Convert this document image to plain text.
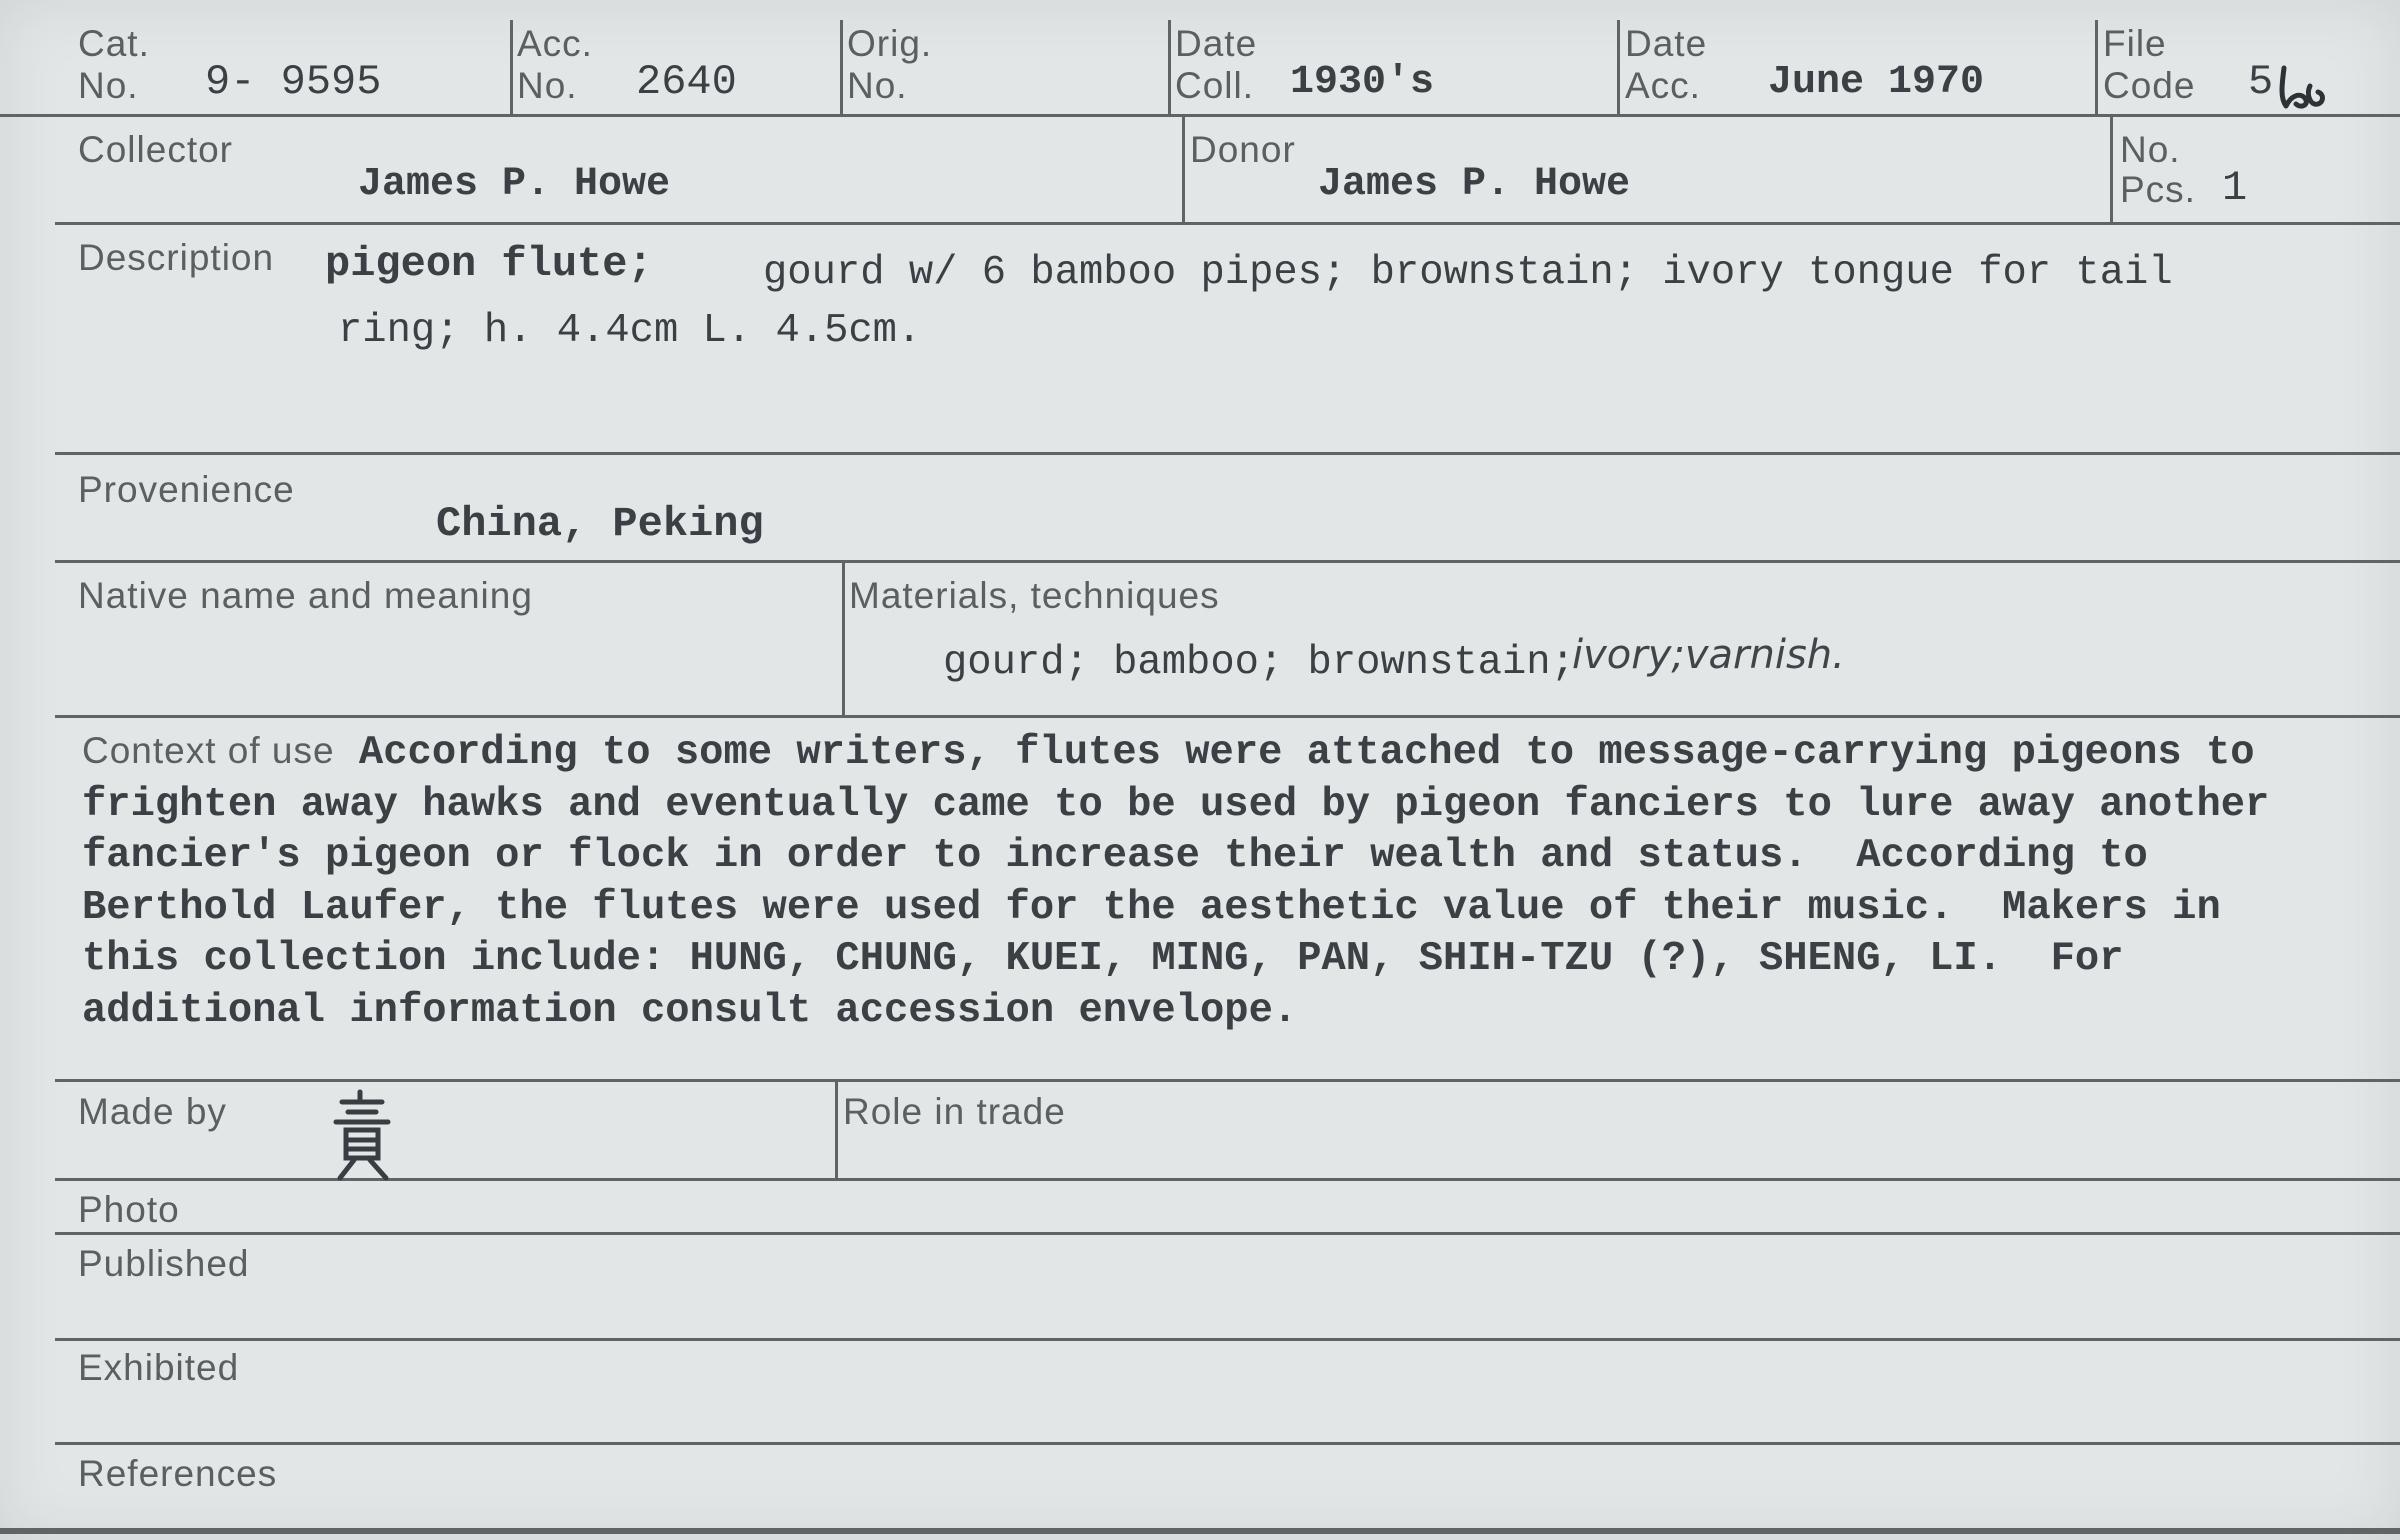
Cat.
No. 9- 9595
Acc.
No. 2640
Orig.
No.
Date
Coll. 1930's
Date
Acc. June 1970
File
Code 5
Collector
James P. Howe
Donor
James P. Howe
No.
Pcs. 1
Description pigeon flute;	gourd w/ 6 bamboo pipes; brownstain; ivory tongue for tail
ring; h. 4.4cm L. 4.5cm.
Provenience
China, Peking
Native name and meaning	Materials, techniques
gourd; bamboo; brownstain;
ivory;varnish.
Context of use According to some writers, flutes were attached to message-carrying pigeons to
frighten away hawks and eventually came to be used by pigeon fanciers to lure away another
fancier's pigeon or flock in order to increase their wealth and status.  According to
Berthold Laufer, the flutes were used for the aesthetic value of their music.  Makers in
this collection include: HUNG, CHUNG, KUEI, MING, PAN, SHIH-TZU (?), SHENG, LI.  For
additional information consult accession envelope.
Made by	Role in trade
Photo
Published
Exhibited
References
